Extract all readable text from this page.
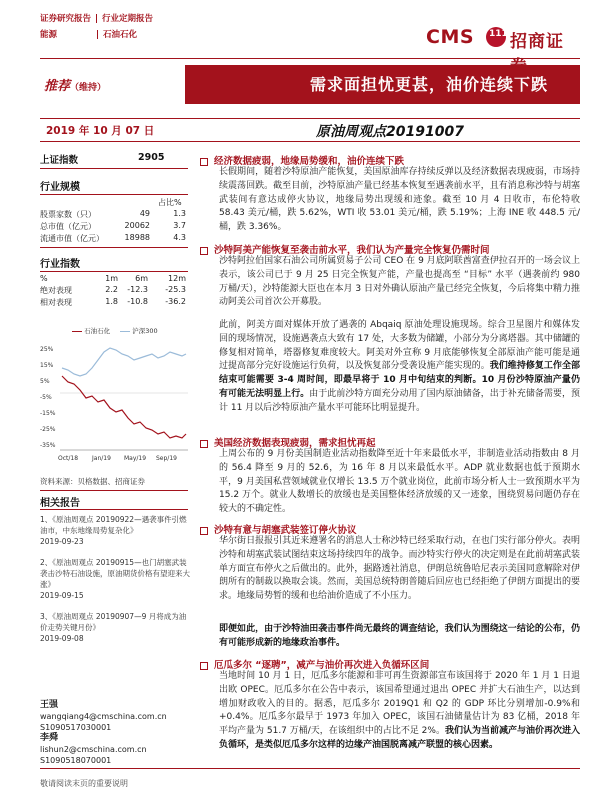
证券研究报告 行业定期报告
能源	石油石化	CMS 111 招商证
推荐（维持）	需求面担忧更甚，油价连续下跌
2019 年 10 月 07 日	原油周观点20191007
上证指数	2905
行业规模
占比%
股票家数（只）	49	1.3
总市值（亿元）	20062	3.7
流通市值（亿元）	18988	4.3
行业指数
%	1m	6m	12m
绝对表现	2.2	-12.3	-25.3
相对表现	1.8	-10.8	-36.2
25%
15%
5%
-5%
-15%
-25%
-35%
Oct/18 Jan/19 May/19 Sep/19
石油石化	沪深300
资料来源：贝格数据、招商证券
相关报告
1、《原油周观点 20190922—遇袭事件引燃油市，中东地缘局势复杂化》
2019-09-23
2、《原油周观点 20190915—也门胡塞武装袭击沙特石油设施，原油期货价格有望迎来大涨》
2019-09-15
3、《原油周观点 20190907—9 月将成为油价走势关键月份》
2019-09-08
王强
wangqiang4@cmschina.com.cn
S1090517030001
李舜
lishun2@cmschina.com.cn
S1090518070001
经济数据疲弱，地缘局势缓和，油价连续下跌
长假期间，随着沙特原油产能恢复，美国原油库存持续反弹以及经济数据表现疲弱，市场持续震荡回跌。截至目前，沙特原油产量已经基本恢复至遇袭前水平，且有消息称沙特与胡塞武装间有意达成停火协议，地缘局势出现缓和迹象。截至 10 月 4 日收市，布伦特收 58.43 美元/桶，跌 5.62%，WTI 收 53.01 美元/桶，跌 5.19%；上海 INE 收 448.5 元/桶，跌 3.36%。
沙特阿美产能恢复至袭击前水平，我们认为产量完全恢复仍需时间
沙特阿拉伯国家石油公司所属贸易子公司 CEO 在 9 月底阿联酋富查伊拉召开的一场会议上表示，该公司已于 9 月 25 日完全恢复产能，产量也提高至 “目标” 水平（遇袭前约 980 万桶/天），沙特能源大臣也在本月 3 日对外确认原油产量已经完全恢复，今后将集中精力推动阿美公司首次公开募股。
此前，阿美方面对媒体开放了遇袭的 Abqaiq 原油处理设施现场。综合卫星图片和媒体发回的现场情况，设施遇袭点大致有 17 处，大多数为储罐，小部分为分离塔器。其中储罐的修复相对简单，塔器修复难度较大。阿美对外宣称 9 月底能够恢复全部原油产能可能是通过提高部分完好设施运行负荷，以及恢复部分受袭设施产能实现的。我们维持修复工作全部结束可能需要 3-4 周时间，即最早将于 10 月中旬结束的判断。10 月份沙特原油产量仍有可能无法明显上行。由于此前沙特方面充分动用了国内原油储备，出于补充储备需要，预计 11 月以后沙特原油产量水平可能环比明显提升。
美国经济数据表现疲弱，需求担忧再起
上周公布的 9 月份美国制造业活动指数降至近十年来最低水平，非制造业活动指数由 8 月的 56.4 降至 9 月的 52.6，为 16 年 8 月以来最低水平。ADP 就业数据也低于预期水平，9 月美国私营领域就业仅增长 13.5 万个就业岗位，此前市场分析人士一致预期水平为 15.2 万个。就业人数增长的放缓也是美国整体经济放缓的又一迹象，围绕贸易问题仍存在较大的不确定性。
沙特有意与胡塞武装签订停火协议
华尔街日报报引其近来遵署名的消息人士称沙特已经采取行动，在也门实行部分停火。表明沙特和胡塞武装试图结束这场持续四年的战争。而沙特实行停火的决定则是在此前胡塞武装单方面宣布停火之后做出的。此外，据路透社消息，伊朗总统鲁哈尼表示美国同意解除对伊朗所有的制裁以换取会谈。然而，美国总统特朗普随后回应也已经拒绝了伊朗方面提出的要求。地缘局势暂的缓和也给油价造成了不小压力。
即便如此，由于沙特油田袭击事件尚无最终的调查结论，我们认为围绕这一结论的公布，仍有可能形成新的地缘政治事件。
厄瓜多尔 “逐聘”，减产与油价再次进入负循环区间
当地时间 10 月 1 日，厄瓜多尔能源和非可再生资源部宣布该国将于 2020 年 1 月 1 日退出欧 OPEC。厄瓜多尔在公告中表示，该国希望通过退出 OPEC 并扩大石油生产，以达到增加财政收入的目的。据悉，厄瓜多尔 2019Q1 和 Q2 的 GDP 环比分别增加-0.9%和+0.4%。厄瓜多尔最早于 1973 年加入 OPEC，该国石油储量估计为 83 亿桶，2018 年平均产量为 51.7 万桶/天，在该组织中的占比不足 2%。我们认为当前减产与油价再次进入负循环，是类似厄瓜多尔这样的边缘产油国脱离减产联盟的核心因素。
敬请阅读末页的重要说明
